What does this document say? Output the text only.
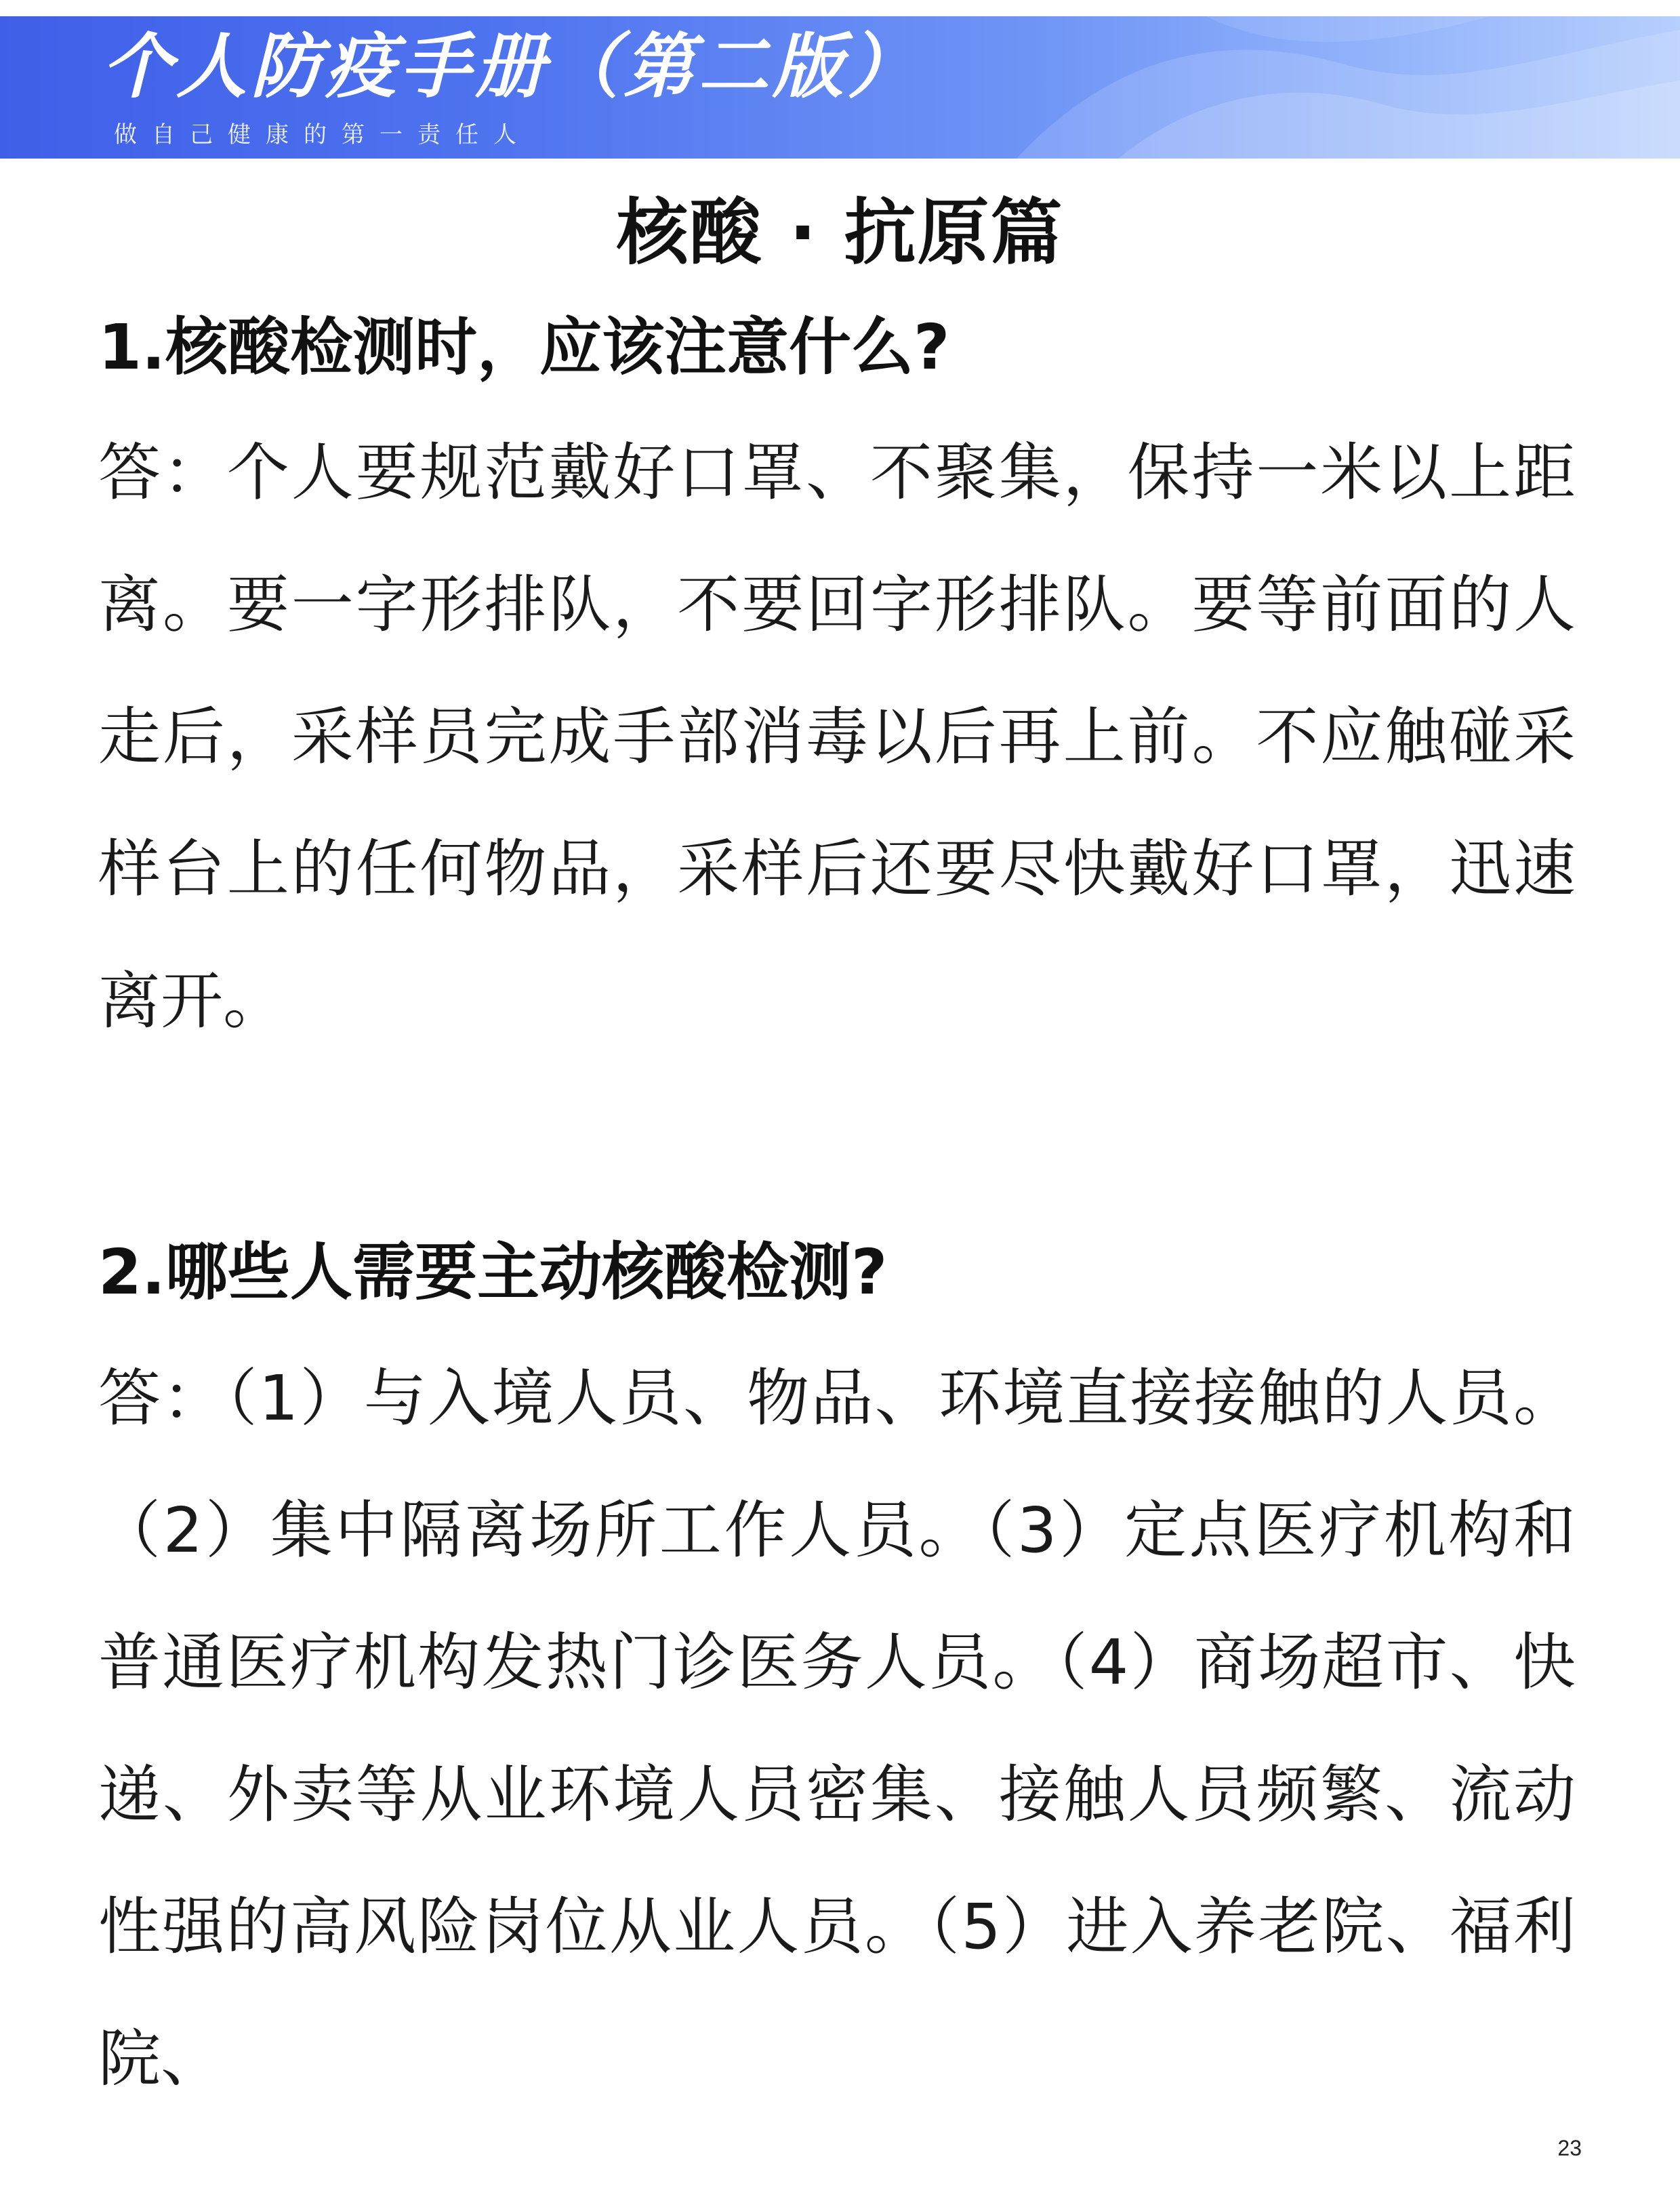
个人防疫手册（第二版）
做自己健康的第一责任人
核酸 · 抗原篇
1.核酸检测时，应该注意什么?

答：个人要规范戴好口罩、不聚集，保持一米以上距离。要一字形排队，不要回字形排队。要等前面的人走后，采样员完成手部消毒以后再上前。不应触碰采样台上的任何物品，采样后还要尽快戴好口罩，迅速离开。

2.哪些人需要主动核酸检测?

答：（1）与入境人员、物品、环境直接接触的人员。（2）集中隔离场所工作人员。（3）定点医疗机构和普通医疗机构发热门诊医务人员。（4）商场超市、快递、外卖等从业环境人员密集、接触人员频繁、流动性强的高风险岗位从业人员。（5）进入养老院、福利院、

23
